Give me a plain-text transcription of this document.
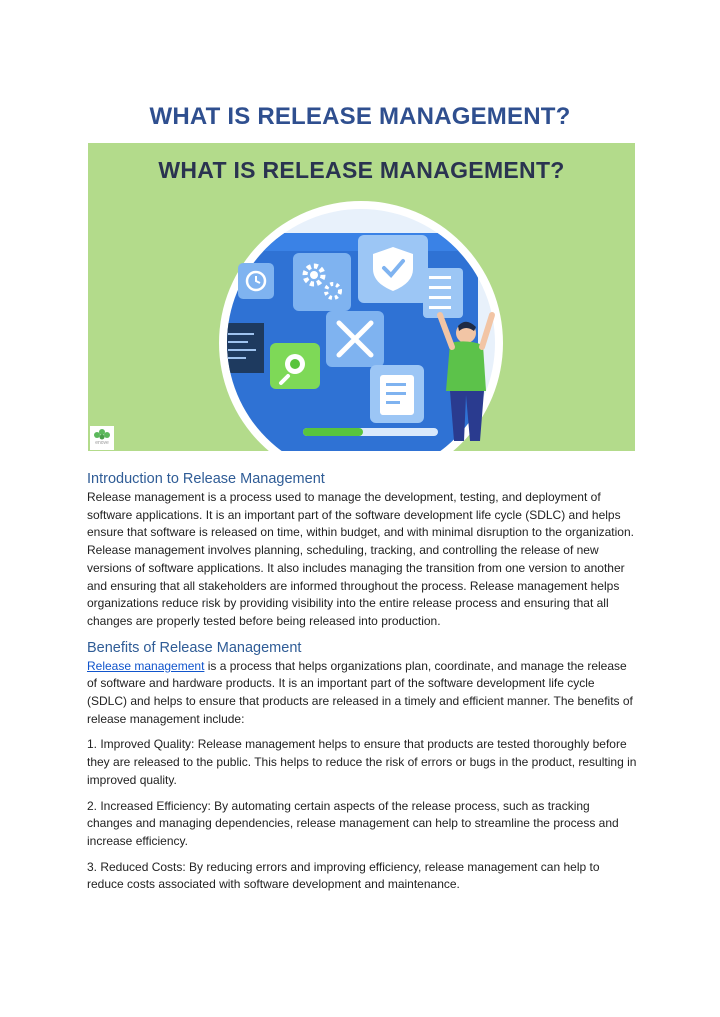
WHAT IS RELEASE MANAGEMENT?
WHAT IS RELEASE MANAGEMENT?
enove
Introduction to Release Management

Release management is a process used to manage the development, testing, and deployment of software applications. It is an important part of the software development life cycle (SDLC) and helps ensure that software is released on time, within budget, and with minimal disruption to the organization. Release management involves planning, scheduling, tracking, and controlling the release of new versions of software applications. It also includes managing the transition from one version to another and ensuring that all stakeholders are informed throughout the process. Release management helps organizations reduce risk by providing visibility into the entire release process and ensuring that all changes are properly tested before being released into production.

Benefits of Release Management

Release management is a process that helps organizations plan, coordinate, and manage the release of software and hardware products. It is an important part of the software development life cycle (SDLC) and helps to ensure that products are released in a timely and efficient manner. The benefits of release management include:

1. Improved Quality: Release management helps to ensure that products are tested thoroughly before they are released to the public. This helps to reduce the risk of errors or bugs in the product, resulting in improved quality.

2. Increased Efficiency: By automating certain aspects of the release process, such as tracking changes and managing dependencies, release management can help to streamline the process and increase efficiency.

3. Reduced Costs: By reducing errors and improving efficiency, release management can help to reduce costs associated with software development and maintenance.
